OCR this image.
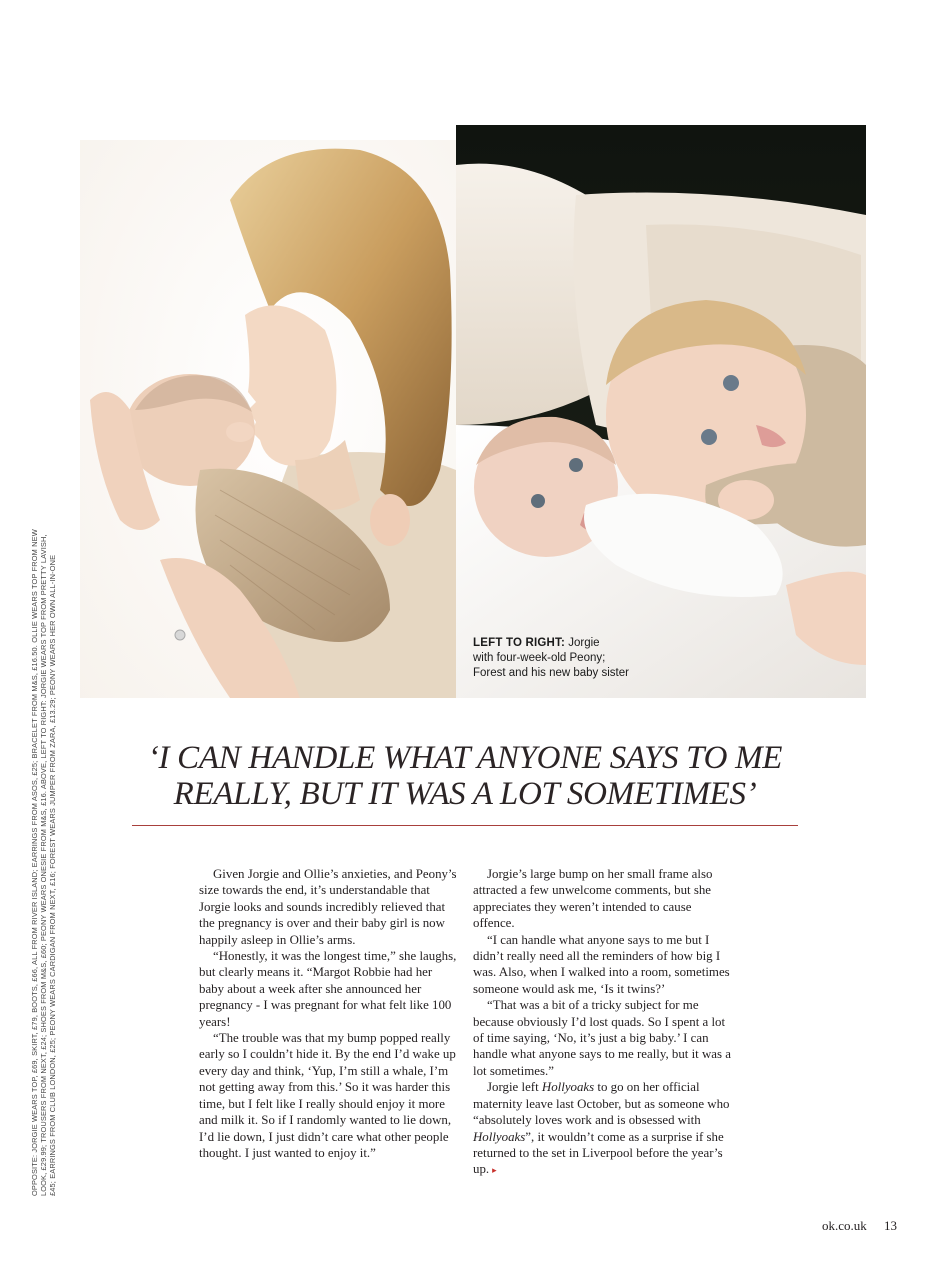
LEFT TO RIGHT: Jorgie
with four-week-old Peony;
Forest and his new baby sister
OPPOSITE: JORGIE WEARS TOP, £69, SKIRT, £79, BOOTS, £66, ALL FROM RIVER ISLAND; EARRINGS FROM ASOS, £25; BRACELET FROM M&S, £16.50. OLLIE WEARS TOP FROM NEW LOOK, £29.99; TROUSERS FROM NEXT, £24; SHOES FROM M&S, £60; PEONY WEARS ONESIE FROM M&S, £16. ABOVE, LEFT TO RIGHT: JORGIE WEARS TOP FROM PRETTY LAVISH, £45; EARRINGS FROM CLUB LONDON, £25; PEONY WEARS CARDIGAN FROM NEXT, £16; FOREST WEARS JUMPER FROM ZARA, £13.29; PEONY WEARS HER OWN ALL-IN-ONE	‘I CAN HANDLE WHAT ANYONE SAYS TO ME
REALLY, BUT IT WAS A LOT SOMETIMES’

Given Jorgie and Ollie’s anxieties, and Peony’s size towards the end, it’s understandable that Jorgie looks and sounds incredibly relieved that the pregnancy is over and their baby girl is now happily asleep in Ollie’s arms.

“Honestly, it was the longest time,” she laughs, but clearly means it. “Margot Robbie had her baby about a week after she announced her pregnancy - I was pregnant for what felt like 100 years!

“The trouble was that my bump popped really early so I couldn’t hide it. By the end I’d wake up every day and think, ‘Yup, I’m still a whale, I’m not getting away from this.’ So it was harder this time, but I felt like I really should enjoy it more and milk it. So if I randomly wanted to lie down, I’d lie down, I just didn’t care what other people thought. I just wanted to enjoy it.”

Jorgie’s large bump on her small frame also attracted a few unwelcome comments, but she appreciates they weren’t intended to cause offence.

“I can handle what anyone says to me but I didn’t really need all the reminders of how big I was. Also, when I walked into a room, sometimes someone would ask me, ‘Is it twins?’

“That was a bit of a tricky subject for me because obviously I’d lost quads. So I spent a lot of time saying, ‘No, it’s just a big baby.’ I can handle what anyone says to me really, but it was a lot sometimes.”

Jorgie left Hollyoaks to go on her official maternity leave last October, but as someone who “absolutely loves work and is obsessed with Hollyoaks”, it wouldn’t come as a surprise if she returned to the set in Liverpool before the year’s up. ▸

ok.co.uk 13
